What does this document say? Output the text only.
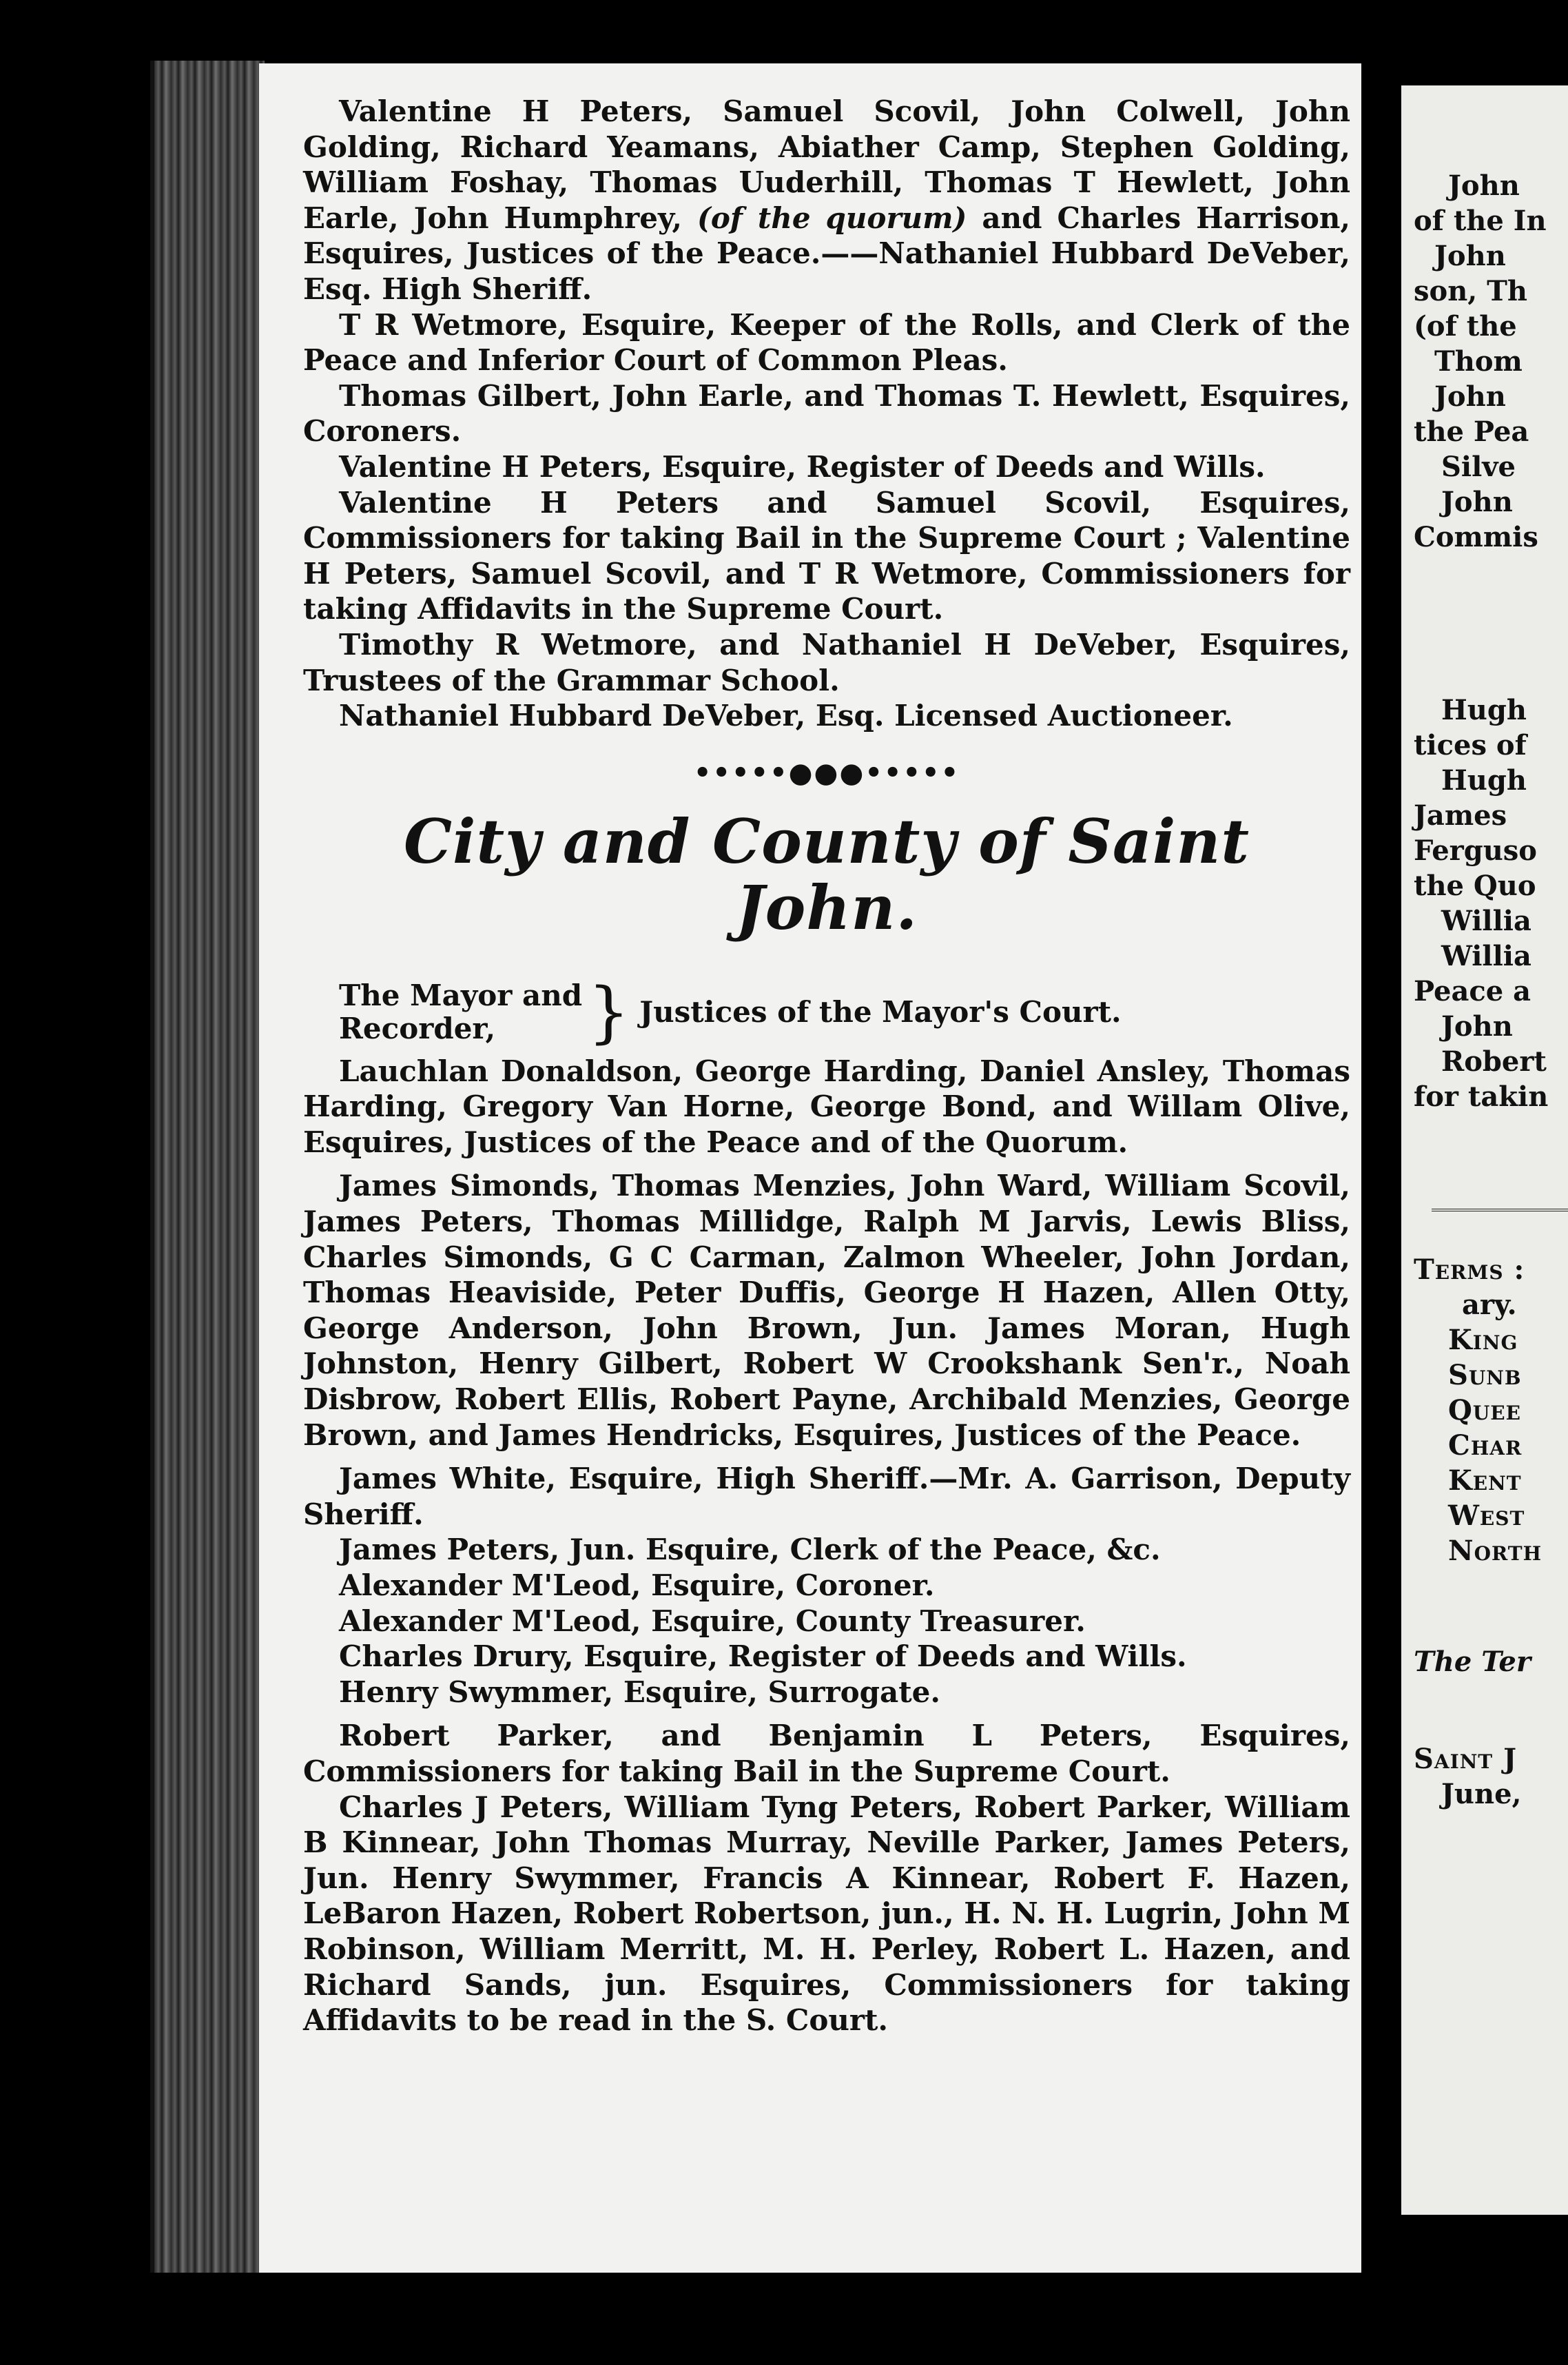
Valentine H Peters, Samuel Scovil, John Colwell, John Golding, Richard Yeamans, Abiather Camp, Stephen Golding, William Foshay, Thomas Uuderhill, Thomas T Hewlett, John Earle, John Humphrey, (of the quorum) and Charles Harrison, Esquires, Justices of the Peace.——Nathaniel Hubbard DeVeber, Esq. High Sheriff.

T R Wetmore, Esquire, Keeper of the Rolls, and Clerk of the Peace and Inferior Court of Common Pleas.

Thomas Gilbert, John Earle, and Thomas T. Hewlett, Esquires, Coroners.

Valentine H Peters, Esquire, Register of Deeds and Wills.

Valentine H Peters and Samuel Scovil, Esquires, Commissioners for taking Bail in the Supreme Court ; Valentine H Peters, Samuel Scovil, and T R Wetmore, Commissioners for taking Affidavits in the Supreme Court.

Timothy R Wetmore, and Nathaniel H DeVeber, Esquires, Trustees of the Grammar School.

Nathaniel Hubbard DeVeber, Esq. Licensed Auctioneer.

•••••●●●•••••
City and County of Saint John.
The Mayor and
Recorder,	} Justices of the Mayor's Court.

Lauchlan Donaldson, George Harding, Daniel Ansley, Thomas Harding, Gregory Van Horne, George Bond, and Willam Olive, Esquires, Justices of the Peace and of the Quorum.

James Simonds, Thomas Menzies, John Ward, William Scovil, James Peters, Thomas Millidge, Ralph M Jarvis, Lewis Bliss, Charles Simonds, G C Carman, Zalmon Wheeler, John Jordan, Thomas Heaviside, Peter Duffis, George H Hazen, Allen Otty, George Anderson, John Brown, Jun. James Moran, Hugh Johnston, Henry Gilbert, Robert W Crookshank Sen'r., Noah Disbrow, Robert Ellis, Robert Payne, Archibald Menzies, George Brown, and James Hendricks, Esquires, Justices of the Peace.

James White, Esquire, High Sheriff.—Mr. A. Garrison, Deputy Sheriff.

James Peters, Jun. Esquire, Clerk of the Peace, &c.

Alexander M'Leod, Esquire, Coroner.

Alexander M'Leod, Esquire, County Treasurer.

Charles Drury, Esquire, Register of Deeds and Wills.

Henry Swymmer, Esquire, Surrogate.

Robert Parker, and Benjamin L Peters, Esquires, Commissioners for taking Bail in the Supreme Court.

Charles J Peters, William Tyng Peters, Robert Parker, William B Kinnear, John Thomas Murray, Neville Parker, James Peters, Jun. Henry Swymmer, Francis A Kinnear, Robert F. Hazen, LeBaron Hazen, Robert Robertson, jun., H. N. H. Lugrin, John M Robinson, William Merritt, M. H. Perley, Robert L. Hazen, and Richard Sands, jun. Esquires, Commissioners for taking Affidavits to be read in the S. Court.

John
of the In
John
son, Th
(of the
Thom
John
the Pea
Silve
John
Commis
Hugh
tices of
Hugh
James
Ferguso
the Quo
Willia
Willia
Peace a
John
Robert
for takin
Terms :
ary.
King
Sunb
Quee
Char
Kent
West
North
The Ter
Saint J
June,
